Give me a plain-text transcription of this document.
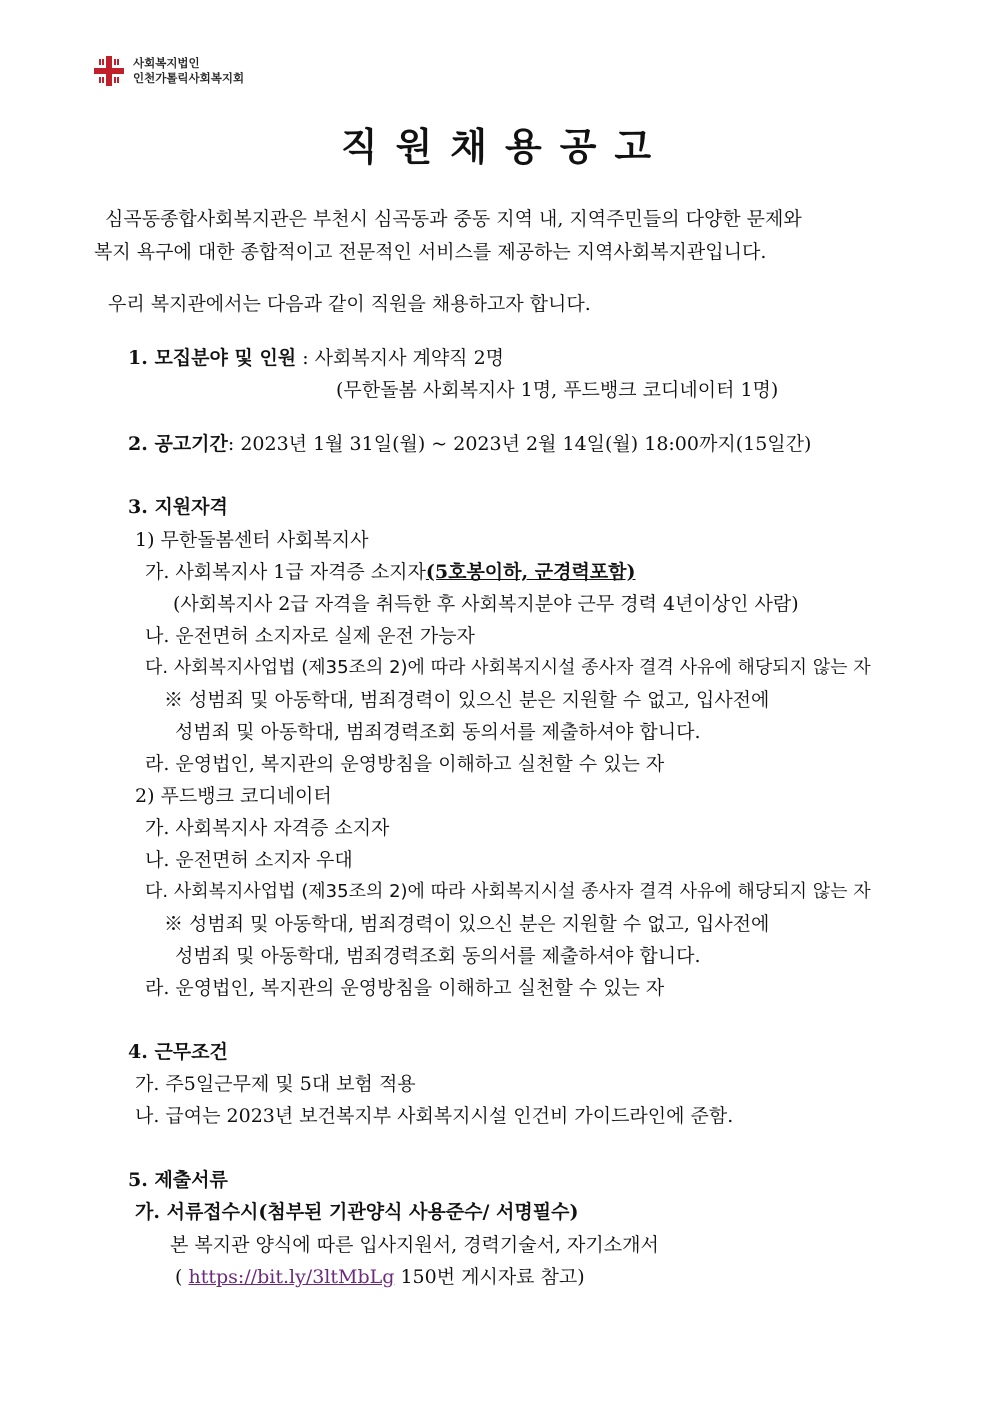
사회복지법인
인천가톨릭사회복지회
직원채용공고
심곡동종합사회복지관은 부천시 심곡동과 중동 지역 내, 지역주민들의 다양한 문제와
복지 욕구에 대한 종합적이고 전문적인 서비스를 제공하는 지역사회복지관입니다.
우리 복지관에서는 다음과 같이 직원을 채용하고자 합니다.
1. 모집분야 및 인원 : 사회복지사 계약직 2명
(무한돌봄 사회복지사 1명, 푸드뱅크 코디네이터 1명)
2. 공고기간: 2023년 1월 31일(월) ~ 2023년 2월 14일(월) 18:00까지(15일간)
3. 지원자격
1) 무한돌봄센터 사회복지사
가. 사회복지사 1급 자격증 소지자(5호봉이하, 군경력포함)
(사회복지사 2급 자격을 취득한 후 사회복지분야 근무 경력 4년이상인 사람)
나. 운전면허 소지자로 실제 운전 가능자
다. 사회복지사업법 (제35조의 2)에 따라 사회복지시설 종사자 결격 사유에 해당되지 않는 자
※ 성범죄 및 아동학대, 범죄경력이 있으신 분은 지원할 수 없고, 입사전에
성범죄 및 아동학대, 범죄경력조회 동의서를 제출하셔야 합니다.
라. 운영법인, 복지관의 운영방침을 이해하고 실천할 수 있는 자
2) 푸드뱅크 코디네이터
가. 사회복지사 자격증 소지자
나. 운전면허 소지자 우대
다. 사회복지사업법 (제35조의 2)에 따라 사회복지시설 종사자 결격 사유에 해당되지 않는 자
※ 성범죄 및 아동학대, 범죄경력이 있으신 분은 지원할 수 없고, 입사전에
성범죄 및 아동학대, 범죄경력조회 동의서를 제출하셔야 합니다.
라. 운영법인, 복지관의 운영방침을 이해하고 실천할 수 있는 자
4. 근무조건
가. 주5일근무제 및 5대 보험 적용
나. 급여는 2023년 보건복지부 사회복지시설 인건비 가이드라인에 준함.
5. 제출서류
가. 서류접수시(첨부된 기관양식 사용준수/ 서명필수)
본 복지관 양식에 따른 입사지원서, 경력기술서, 자기소개서
( https://bit.ly/3ltMbLg 150번 게시자료 참고)
